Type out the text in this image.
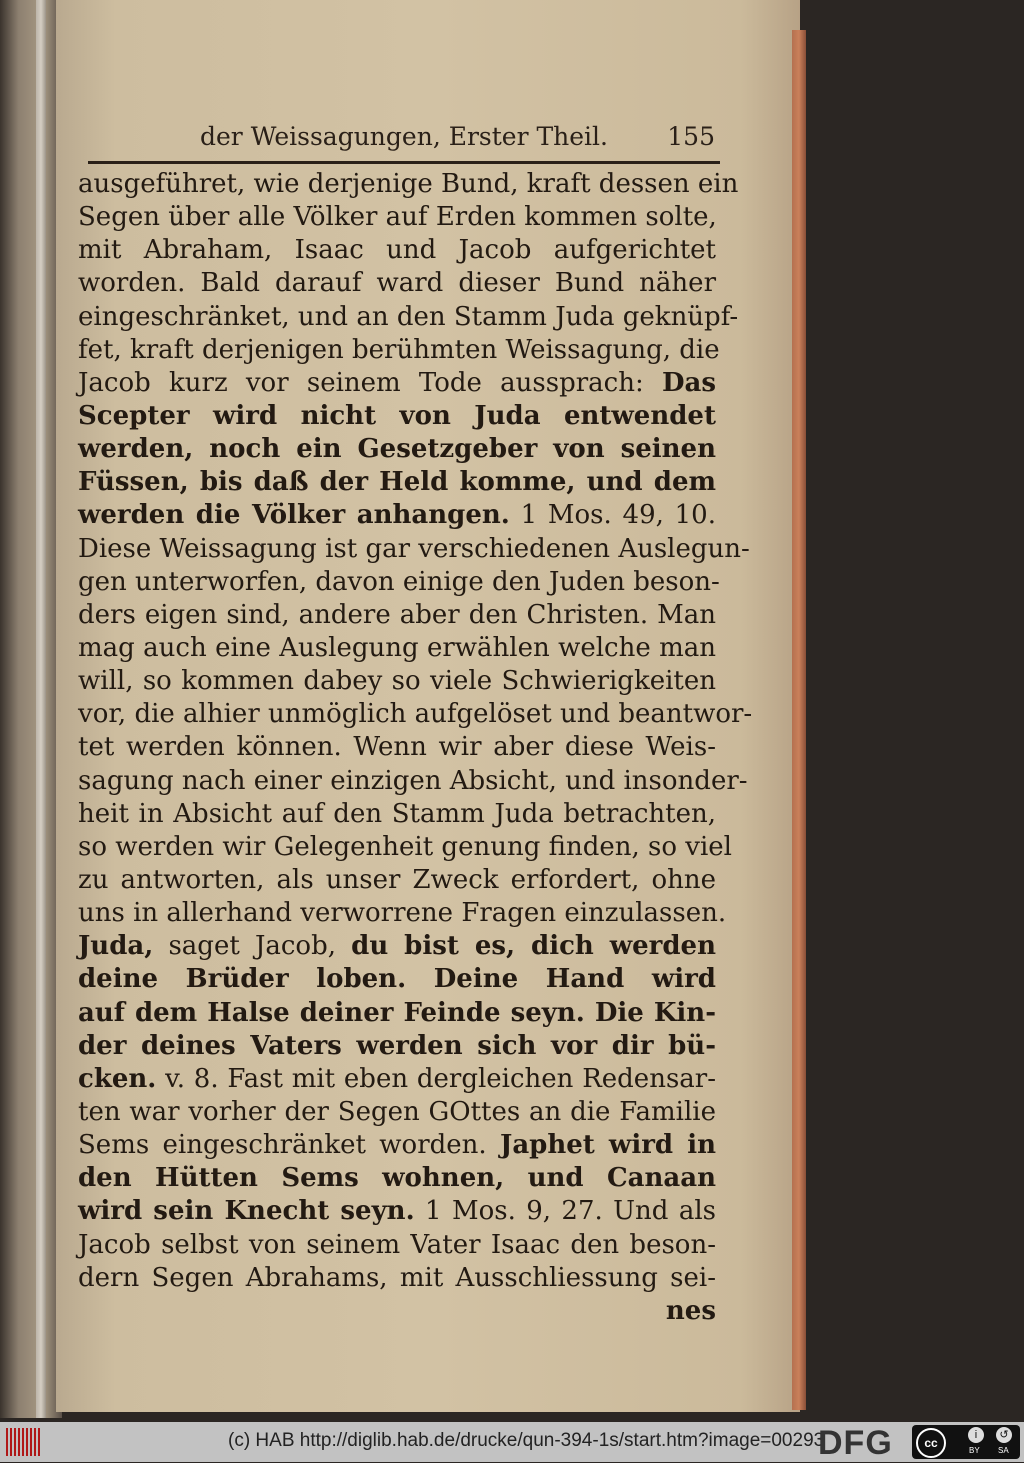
der Weissagungen, Erster Theil. 155
ausgeführet, wie derjenige Bund, kraft dessen ein
Segen über alle Völker auf Erden kommen solte,
mit Abraham, Isaac und Jacob aufgerichtet
worden. Bald darauf ward dieser Bund näher
eingeschränket, und an den Stamm Juda geknüpf-
fet, kraft derjenigen berühmten Weissagung, die
Jacob kurz vor seinem Tode aussprach: Das
Scepter wird nicht von Juda entwendet
werden, noch ein Gesetzgeber von seinen
Füssen, bis daß der Held komme, und dem
werden die Völker anhangen. 1 Mos. 49, 10.
Diese Weissagung ist gar verschiedenen Auslegun-
gen unterworfen, davon einige den Juden beson-
ders eigen sind, andere aber den Christen. Man
mag auch eine Auslegung erwählen welche man
will, so kommen dabey so viele Schwierigkeiten
vor, die alhier unmöglich aufgelöset und beantwor-
tet werden können. Wenn wir aber diese Weis-
sagung nach einer einzigen Absicht, und insonder-
heit in Absicht auf den Stamm Juda betrachten,
so werden wir Gelegenheit genung finden, so viel
zu antworten, als unser Zweck erfordert, ohne
uns in allerhand verworrene Fragen einzulassen.
Juda, saget Jacob, du bist es, dich werden
deine Brüder loben. Deine Hand wird
auf dem Halse deiner Feinde seyn. Die Kin-
der deines Vaters werden sich vor dir bü-
cken. v. 8. Fast mit eben dergleichen Redensar-
ten war vorher der Segen GOttes an die Familie
Sems eingeschränket worden. Japhet wird in
den Hütten Sems wohnen, und Canaan
wird sein Knecht seyn. 1 Mos. 9, 27. Und als
Jacob selbst von seinem Vater Isaac den beson-
dern Segen Abrahams, mit Ausschliessung sei-
nes
(c) HAB http://diglib.hab.de/drucke/qun-394-1s/start.htm?image=00293
DFG	cc
i	↺
BY SA
